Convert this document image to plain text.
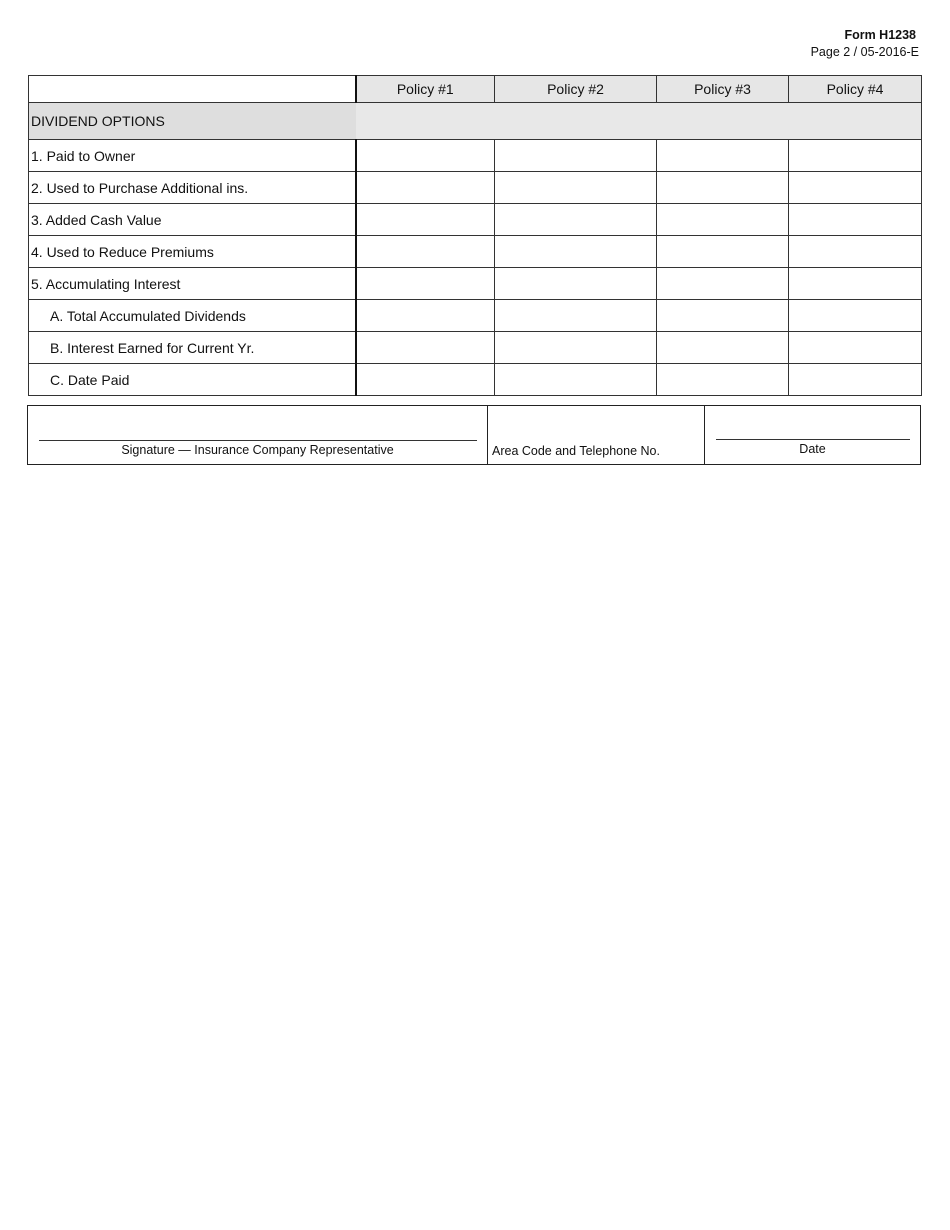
Form H1238
Page 2 / 05-2016-E
	Policy #1	Policy #2	Policy #3	Policy #4
DIVIDEND OPTIONS				
1. Paid to Owner				
2. Used to Purchase Additional ins.				
3. Added Cash Value				
4. Used to Reduce Premiums				
5. Accumulating Interest				
A. Total Accumulated Dividends				
B. Interest Earned for Current Yr.				
C. Date Paid				
Signature — Insurance Company Representative	Area Code and Telephone No.	Date
